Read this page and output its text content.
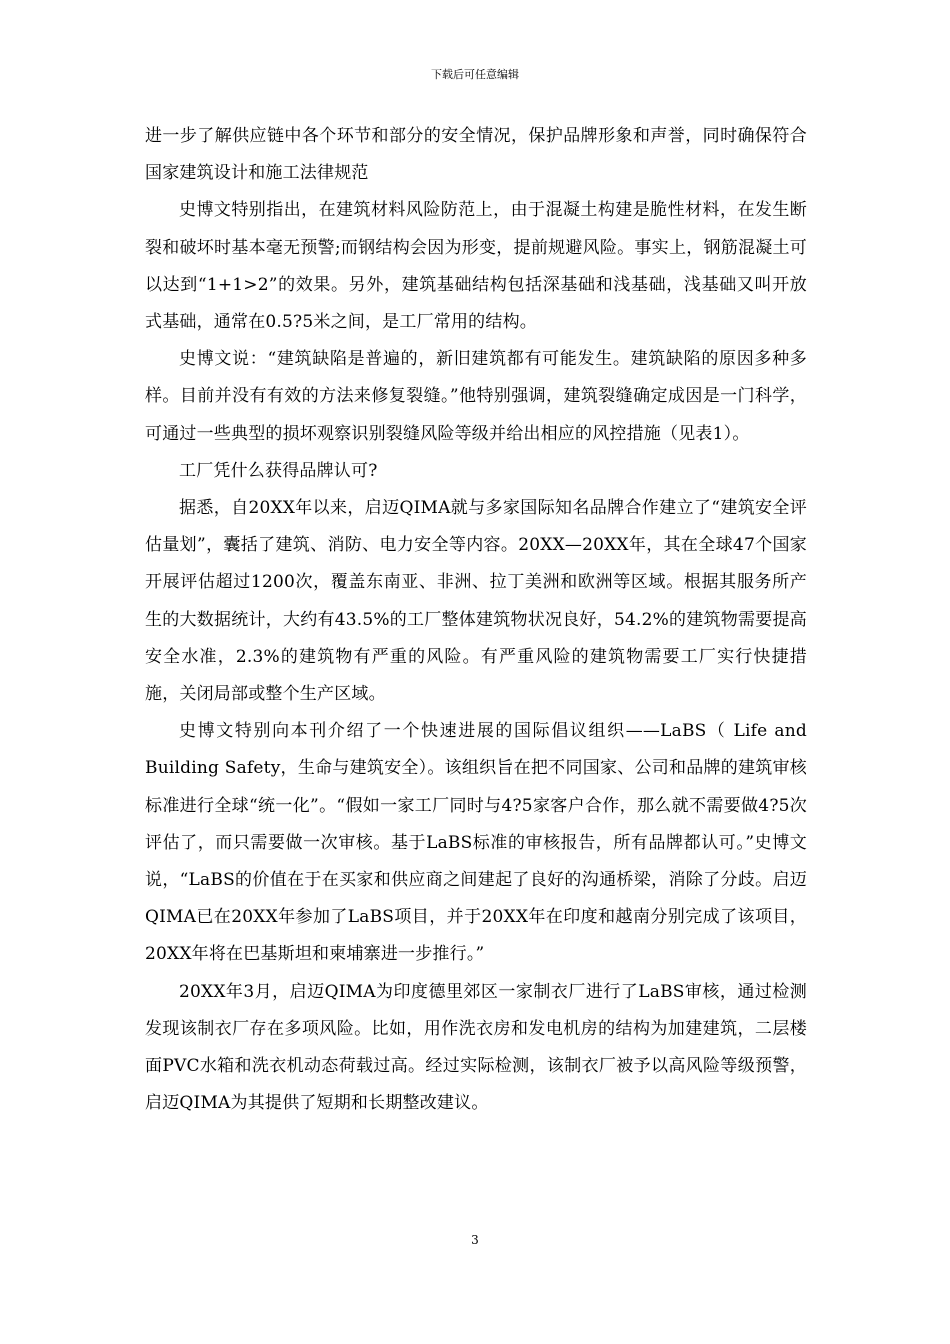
下载后可任意编辑

进一步了解供应链中各个环节和部分的安全情况，保护品牌形象和声誉，同时确保符合国家建筑设计和施工法律规范

史博文特别指出，在建筑材料风险防范上，由于混凝土构建是脆性材料，在发生断裂和破坏时基本毫无预警;而钢结构会因为形变，提前规避风险。事实上，钢筋混凝土可以达到“1+1>2”的效果。另外，建筑基础结构包括深基础和浅基础，浅基础又叫开放式基础，通常在0.5?5米之间，是工厂常用的结构。

史博文说：“建筑缺陷是普遍的，新旧建筑都有可能发生。建筑缺陷的原因多种多样。目前并没有有效的方法来修复裂缝。”他特别强调，建筑裂缝确定成因是一门科学，可通过一些典型的损坏观察识别裂缝风险等级并给出相应的风控措施（见表1）。

工厂凭什么获得品牌认可?

据悉，自20XX年以来，启迈QIMA就与多家国际知名品牌合作建立了“建筑安全评估量划”，囊括了建筑、消防、电力安全等内容。20XX—20XX年，其在全球47个国家开展评估超过1200次，覆盖东南亚、非洲、拉丁美洲和欧洲等区域。根据其服务所产生的大数据统计，大约有43.5%的工厂整体建筑物状况良好，54.2%的建筑物需要提高安全水准，2.3%的建筑物有严重的风险。有严重风险的建筑物需要工厂实行快捷措施，关闭局部或整个生产区域。

史博文特别向本刊介绍了一个快速进展的国际倡议组织——LaBS（ Life and Building Safety，生命与建筑安全）。该组织旨在把不同国家、公司和品牌的建筑审核标准进行全球“统一化”。“假如一家工厂同时与4?5家客户合作，那么就不需要做4?5次评估了，而只需要做一次审核。基于LaBS标准的审核报告，所有品牌都认可。”史博文说，“LaBS的价值在于在买家和供应商之间建起了良好的沟通桥梁，消除了分歧。启迈QIMA已在20XX年参加了LaBS项目，并于20XX年在印度和越南分别完成了该项目，20XX年将在巴基斯坦和柬埔寨进一步推行。”

20XX年3月，启迈QIMA为印度德里郊区一家制衣厂进行了LaBS审核，通过检测发现该制衣厂存在多项风险。比如，用作洗衣房和发电机房的结构为加建建筑，二层楼面PVC水箱和洗衣机动态荷载过高。经过实际检测，该制衣厂被予以高风险等级预警，启迈QIMA为其提供了短期和长期整改建议。

3
